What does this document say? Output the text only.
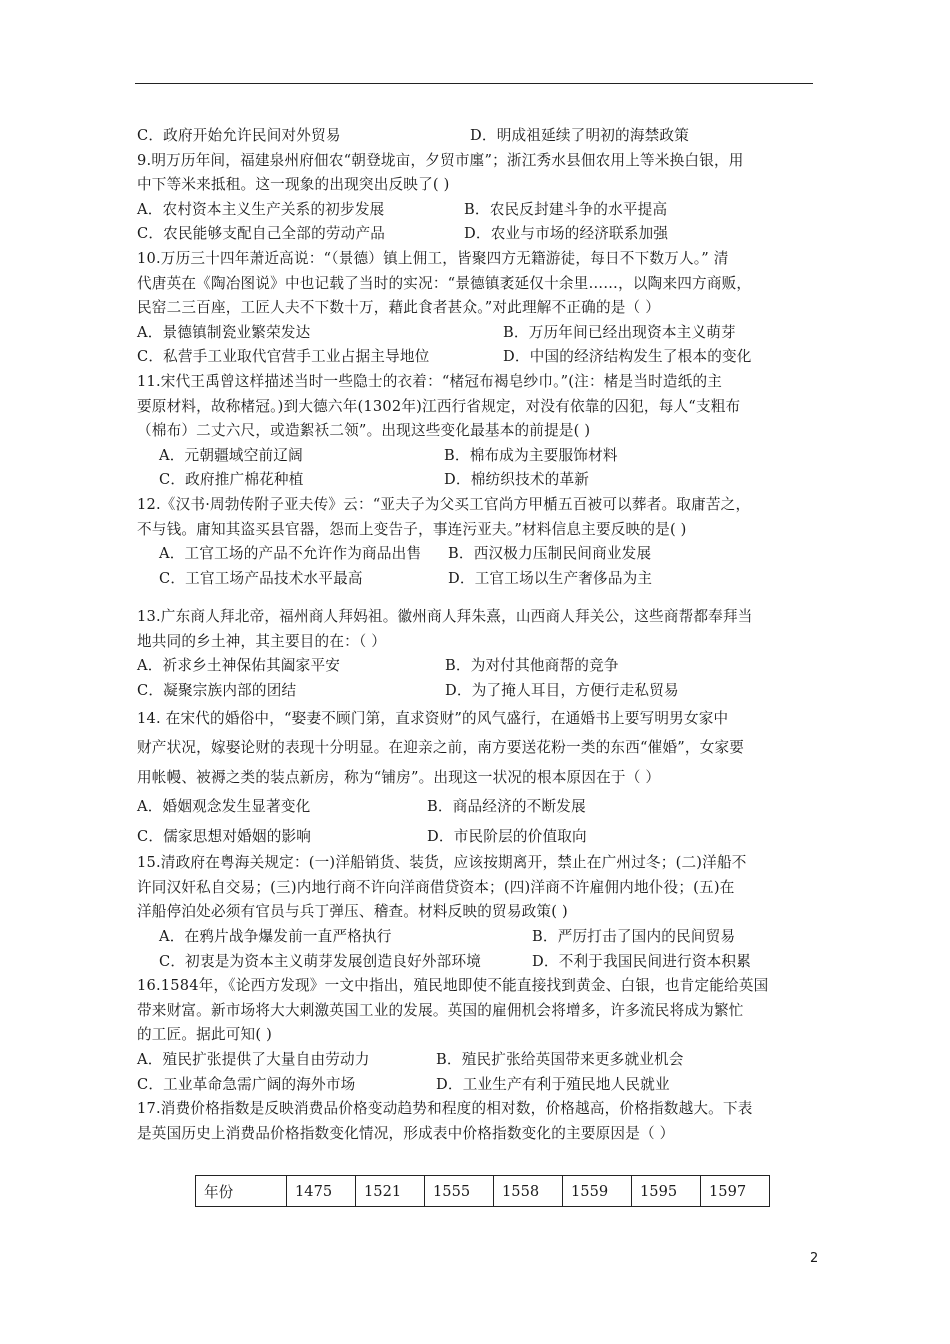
C．政府开始允许民间对外贸易	D．明成祖延续了明初的海禁政策
9.明万历年间，福建泉州府佃农“朝登垅亩，夕贸市廛”；浙江秀水县佃农用上等米换白银，用
中下等米来抵租。这一现象的出现突出反映了( )
A．农村资本主义生产关系的初步发展	B．农民反封建斗争的水平提高
C．农民能够支配自己全部的劳动产品	D．农业与市场的经济联系加强
10.万历三十四年萧近高说：“（景德）镇上佣工，皆聚四方无籍游徒，每日不下数万人。” 清
代唐英在《陶冶图说》中也记载了当时的实况：“景德镇袤延仅十余里……，以陶来四方商贩，
民窑二三百座，工匠人夫不下数十万，藉此食者甚众。”对此理解不正确的是（ ）
A．景德镇制瓷业繁荣发达	B．万历年间已经出现资本主义萌芽
C．私营手工业取代官营手工业占据主导地位	D．中国的经济结构发生了根本的变化
11.宋代王禹曾这样描述当时一些隐士的衣着：“楮冠布褐皂纱巾。”(注：楮是当时造纸的主
要原材料，故称楮冠。)到大德六年(1302年)江西行省规定，对没有依靠的囚犯，每人“支粗布
（棉布）二丈六尺，或造絮袄二领”。出现这些变化最基本的前提是( )
A．元朝疆域空前辽阔	B．棉布成为主要服饰材料
C．政府推广棉花种植	D．棉纺织技术的革新
12.《汉书·周勃传附子亚夫传》云：“亚夫子为父买工官尚方甲楯五百被可以葬者。取庸苦之，
不与钱。庸知其盗买县官器，怨而上变告子，事连污亚夫。”材料信息主要反映的是( )
A．工官工场的产品不允许作为商品出售 B．西汉极力压制民间商业发展
C．工官工场产品技术水平最高	D．工官工场以生产奢侈品为主
13.广东商人拜北帝，福州商人拜妈祖。徽州商人拜朱熹，山西商人拜关公，这些商帮都奉拜当
地共同的乡土神，其主要目的在：（ ）
A．祈求乡土神保佑其阖家平安	B．为对付其他商帮的竞争
C．凝聚宗族内部的团结	D．为了掩人耳目，方便行走私贸易
14. 在宋代的婚俗中，“娶妻不顾门第，直求资财”的风气盛行，在通婚书上要写明男女家中
财产状况，嫁娶论财的表现十分明显。在迎亲之前，南方要送花粉一类的东西“催婚”，女家要
用帐幔、被褥之类的装点新房，称为“铺房”。出现这一状况的根本原因在于（ ）
A．婚姻观念发生显著变化	B．商品经济的不断发展
C．儒家思想对婚姻的影响	D．市民阶层的价值取向
15.清政府在粤海关规定：(一)洋船销货、装货，应该按期离开，禁止在广州过冬；(二)洋船不
许同汉奸私自交易；(三)内地行商不许向洋商借贷资本；(四)洋商不许雇佣内地仆役；(五)在
洋船停泊处必须有官员与兵丁弹压、稽查。材料反映的贸易政策( )
A．在鸦片战争爆发前一直严格执行	B．严厉打击了国内的民间贸易
C．初衷是为资本主义萌芽发展创造良好外部环境	D．不利于我国民间进行资本积累
16.1584年，《论西方发现》一文中指出，殖民地即使不能直接找到黄金、白银，也肯定能给英国
带来财富。新市场将大大刺激英国工业的发展。英国的雇佣机会将增多，许多流民将成为繁忙
的工匠。据此可知( )
A．殖民扩张提供了大量自由劳动力	B．殖民扩张给英国带来更多就业机会
C．工业革命急需广阔的海外市场	D．工业生产有利于殖民地人民就业
17.消费价格指数是反映消费品价格变动趋势和程度的相对数，价格越高，价格指数越大。下表
是英国历史上消费品价格指数变化情况，形成表中价格指数变化的主要原因是（ ）
年份	1475	1521	1555	1558	1559	1595	1597
2
